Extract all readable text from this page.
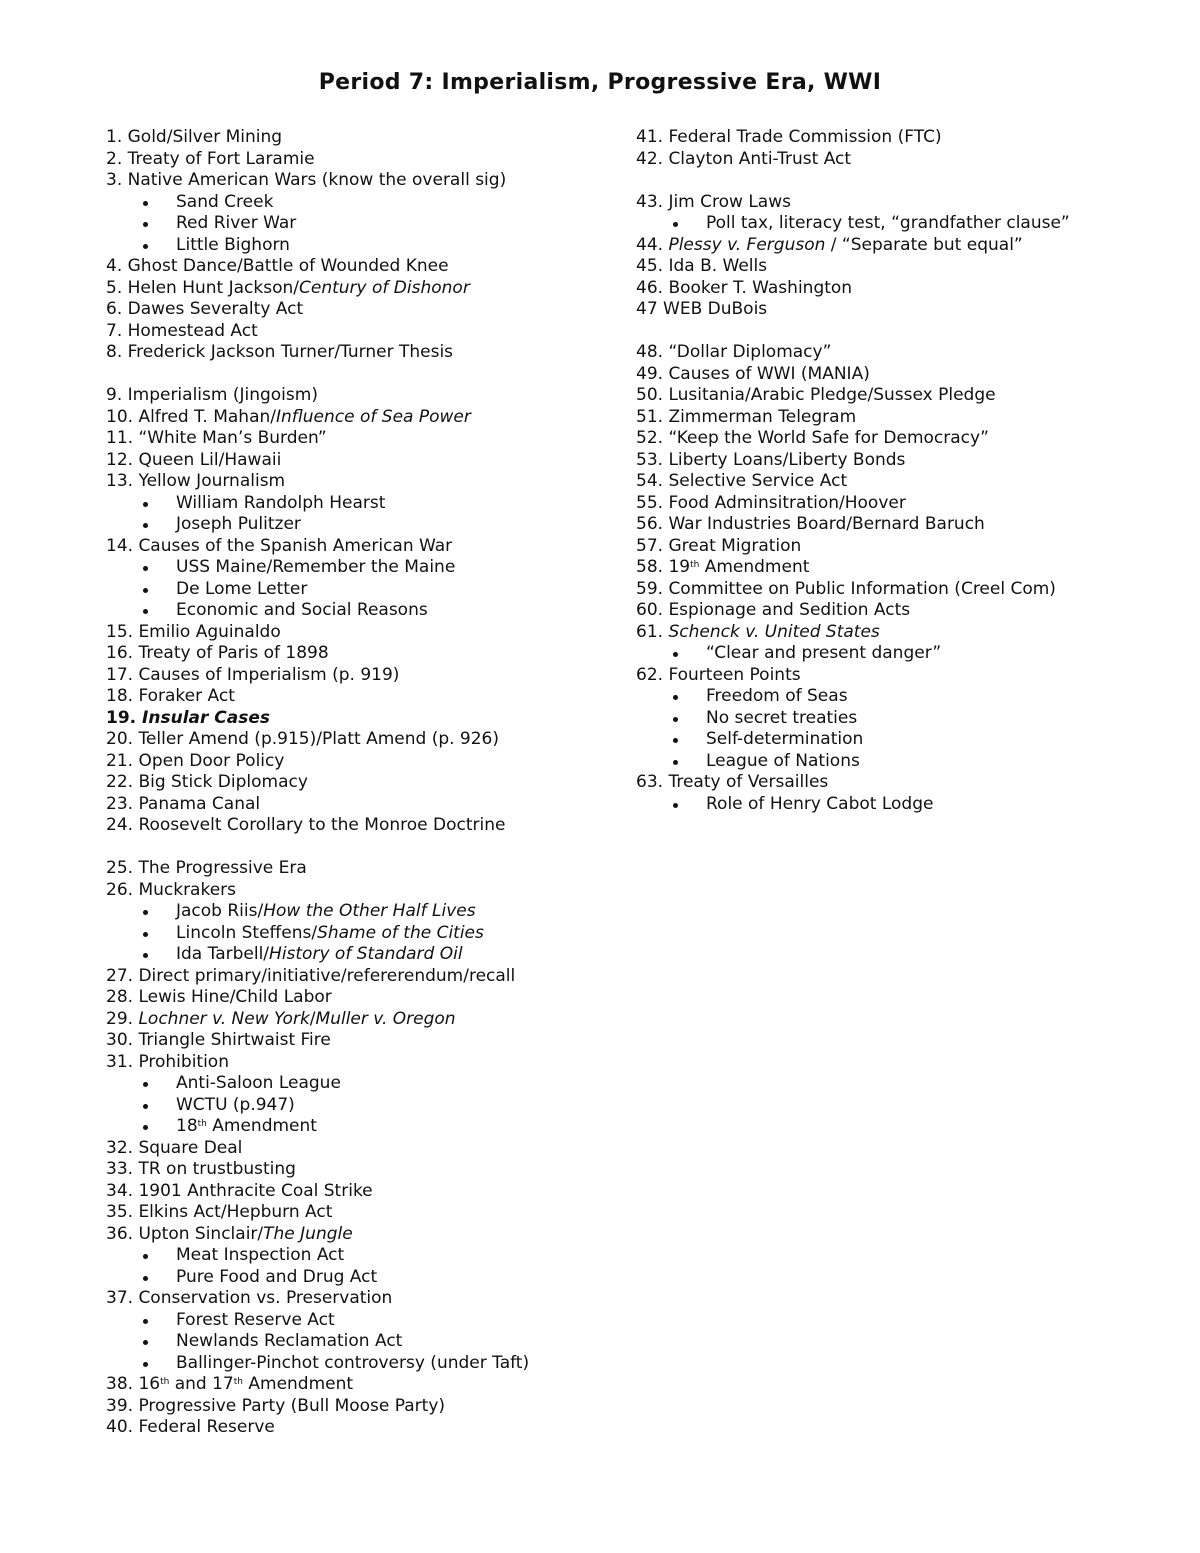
Period 7: Imperialism, Progressive Era, WWI
1. Gold/Silver Mining
2. Treaty of Fort Laramie
3. Native American Wars (know the overall sig)
Sand Creek
Red River War
Little Bighorn
4. Ghost Dance/Battle of Wounded Knee
5. Helen Hunt Jackson/Century of Dishonor
6. Dawes Severalty Act
7. Homestead Act
8. Frederick Jackson Turner/Turner Thesis
9. Imperialism (Jingoism)
10. Alfred T. Mahan/Influence of Sea Power
11. “White Man’s Burden”
12. Queen Lil/Hawaii
13. Yellow Journalism
William Randolph Hearst
Joseph Pulitzer
14. Causes of the Spanish American War
USS Maine/Remember the Maine
De Lome Letter
Economic and Social Reasons
15. Emilio Aguinaldo
16. Treaty of Paris of 1898
17. Causes of Imperialism (p. 919)
18. Foraker Act
19. Insular Cases
20. Teller Amend (p.915)/Platt Amend (p. 926)
21. Open Door Policy
22. Big Stick Diplomacy
23. Panama Canal
24. Roosevelt Corollary to the Monroe Doctrine
25. The Progressive Era
26. Muckrakers
Jacob Riis/How the Other Half Lives
Lincoln Steffens/Shame of the Cities
Ida Tarbell/History of Standard Oil
27. Direct primary/initiative/refererendum/recall
28. Lewis Hine/Child Labor
29. Lochner v. New York/Muller v. Oregon
30. Triangle Shirtwaist Fire
31. Prohibition
Anti-Saloon League
WCTU (p.947)
18th Amendment
32. Square Deal
33. TR on trustbusting
34. 1901 Anthracite Coal Strike
35. Elkins Act/Hepburn Act
36. Upton Sinclair/The Jungle
Meat Inspection Act
Pure Food and Drug Act
37. Conservation vs. Preservation
Forest Reserve Act
Newlands Reclamation Act
Ballinger-Pinchot controversy (under Taft)
38. 16th and 17th Amendment
39. Progressive Party (Bull Moose Party)
40. Federal Reserve
41. Federal Trade Commission (FTC)
42. Clayton Anti-Trust Act
43. Jim Crow Laws
Poll tax, literacy test, “grandfather clause”
44. Plessy v. Ferguson / “Separate but equal”
45. Ida B. Wells
46. Booker T. Washington
47 WEB DuBois
48. “Dollar Diplomacy”
49. Causes of WWI (MANIA)
50. Lusitania/Arabic Pledge/Sussex Pledge
51. Zimmerman Telegram
52. “Keep the World Safe for Democracy”
53. Liberty Loans/Liberty Bonds
54. Selective Service Act
55. Food Adminsitration/Hoover
56. War Industries Board/Bernard Baruch
57. Great Migration
58. 19th Amendment
59. Committee on Public Information (Creel Com)
60. Espionage and Sedition Acts
61. Schenck v. United States
“Clear and present danger”
62. Fourteen Points
Freedom of Seas
No secret treaties
Self-determination
League of Nations
63. Treaty of Versailles
Role of Henry Cabot Lodge
